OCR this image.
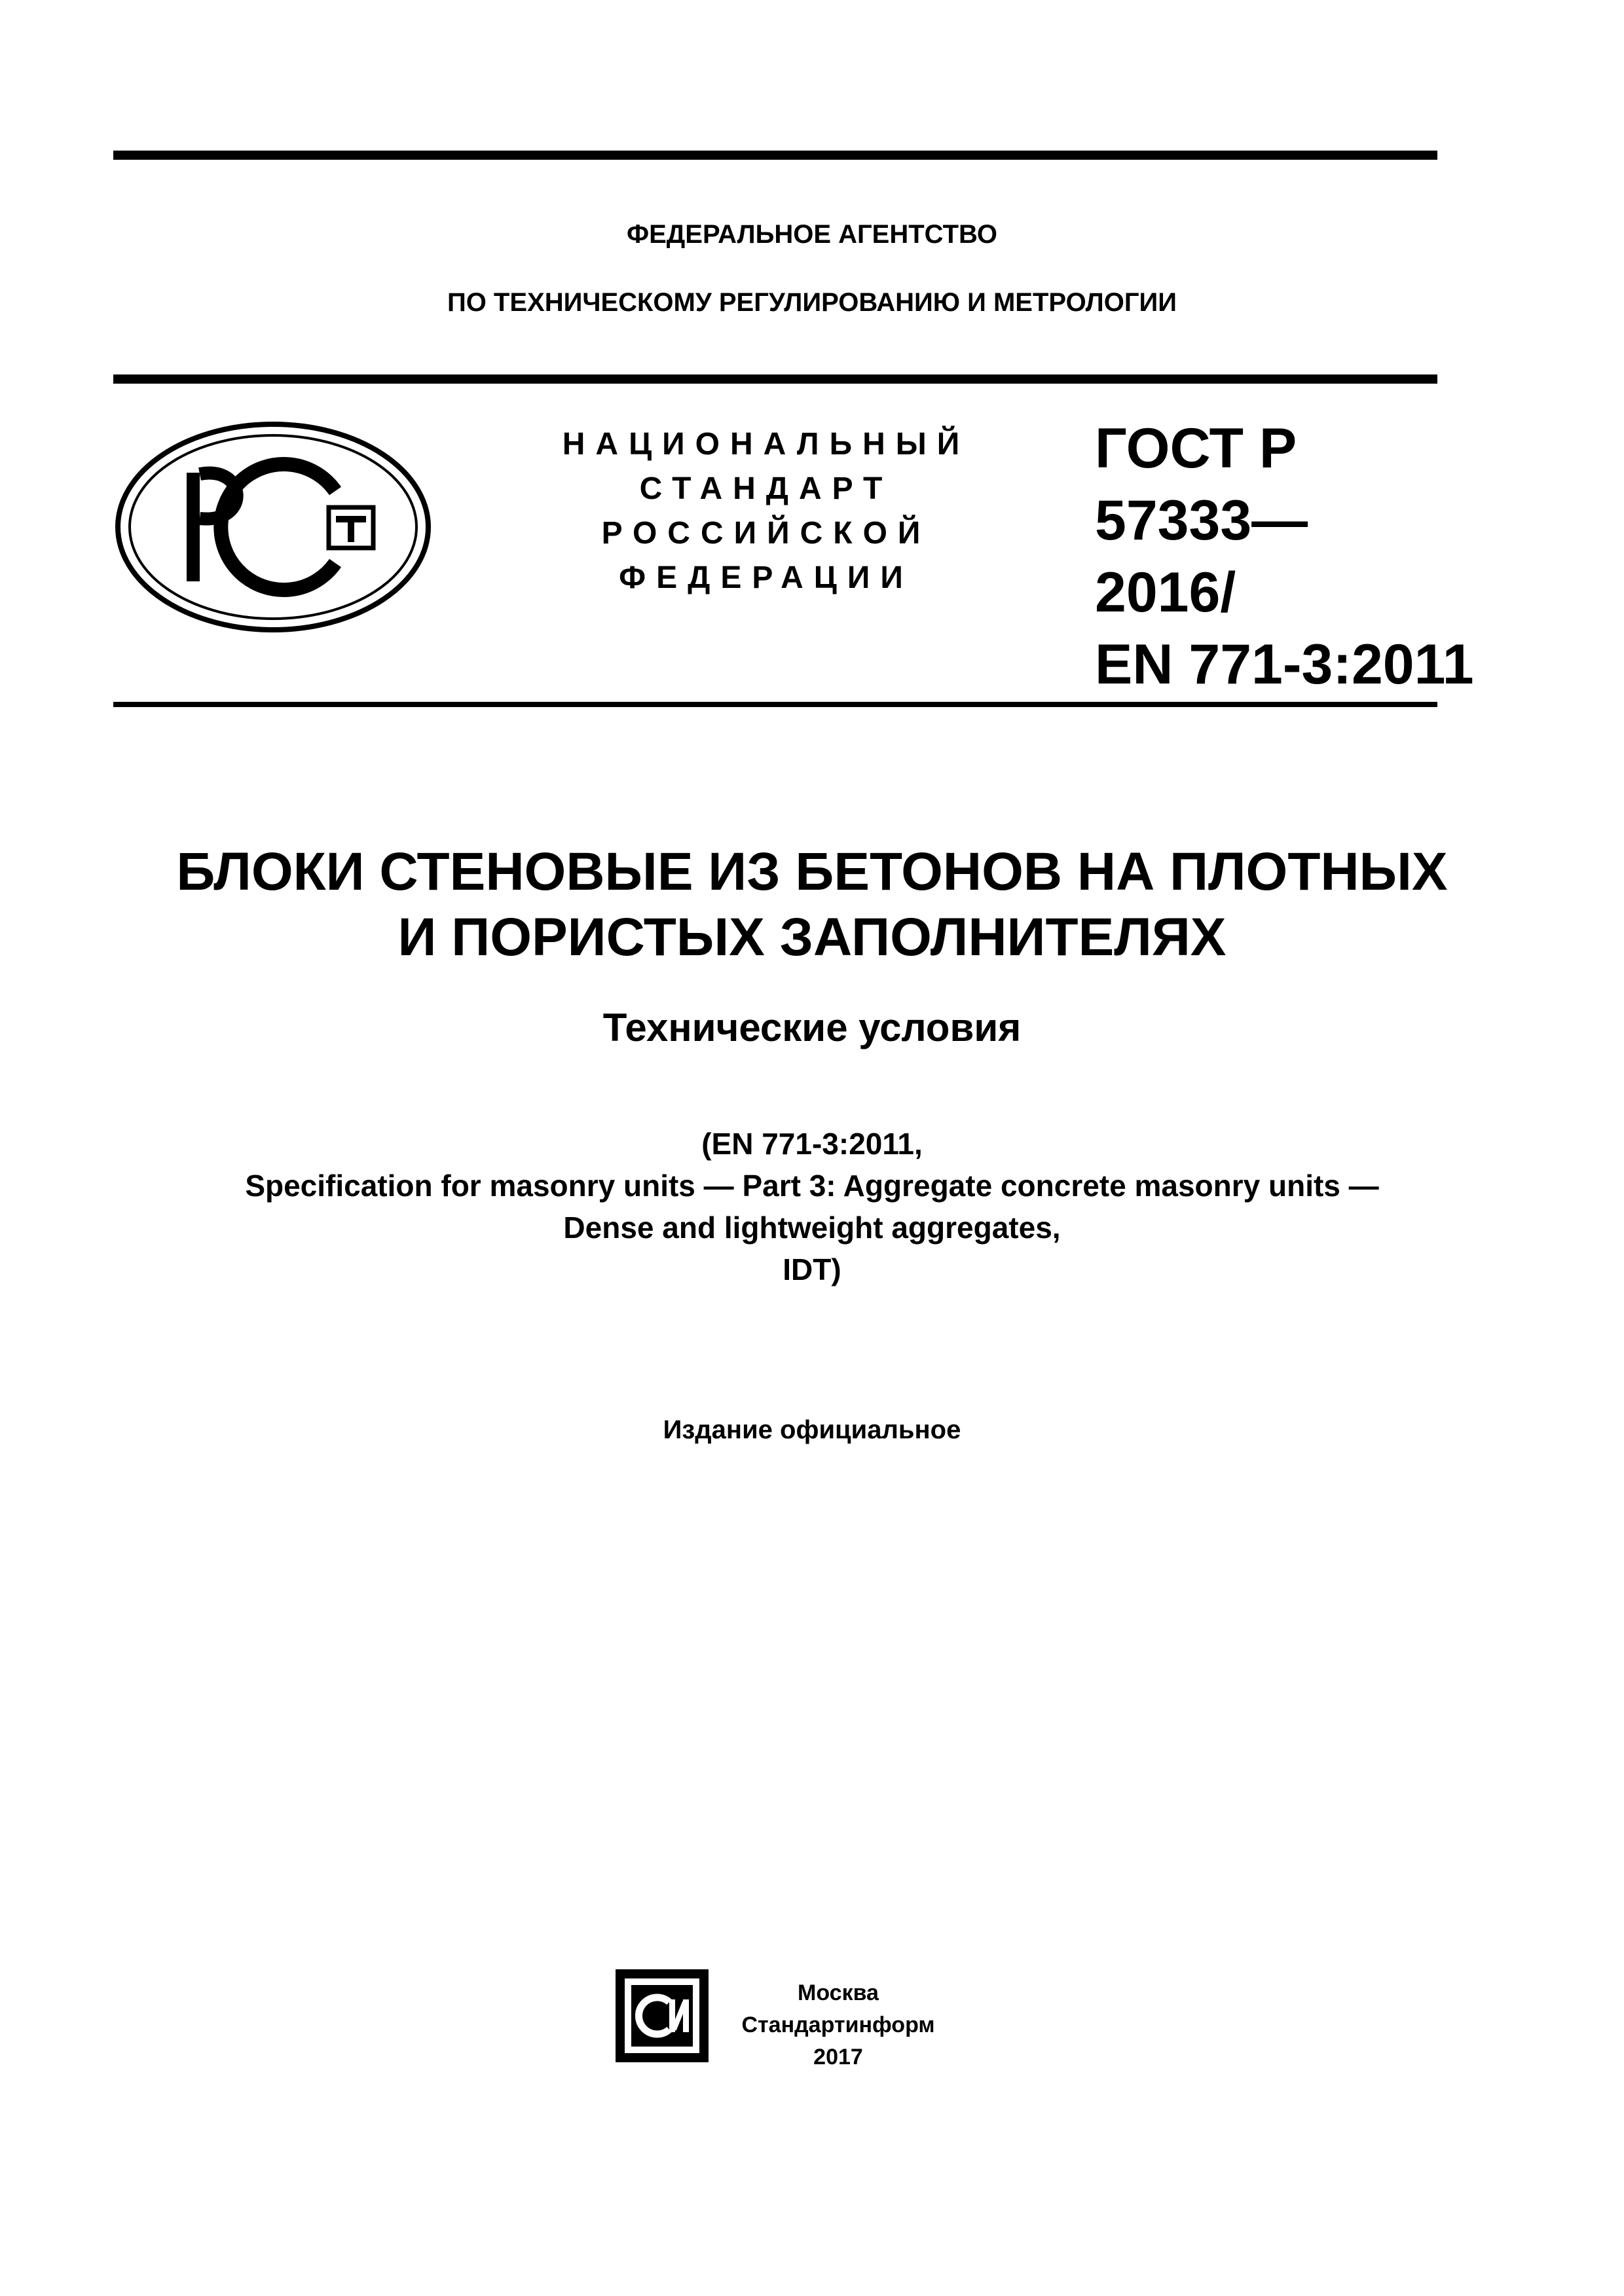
ФЕДЕРАЛЬНОЕ АГЕНТСТВО
ПО ТЕХНИЧЕСКОМУ РЕГУЛИРОВАНИЮ И МЕТРОЛОГИИ
НАЦИОНАЛЬНЫЙ
СТАНДАРТ
РОССИЙСКОЙ
ФЕДЕРАЦИИ
ГОСТ Р
57333—
2016/
EN 771-3:2011
БЛОКИ СТЕНОВЫЕ ИЗ БЕТОНОВ НА ПЛОТНЫХ
И ПОРИСТЫХ ЗАПОЛНИТЕЛЯХ
Технические условия
(EN 771-3:2011,
Specification for masonry units — Part 3: Aggregate concrete masonry units —
Dense and lightweight aggregates,
IDT)
Издание официальное
Москва
Стандартинформ
2017
